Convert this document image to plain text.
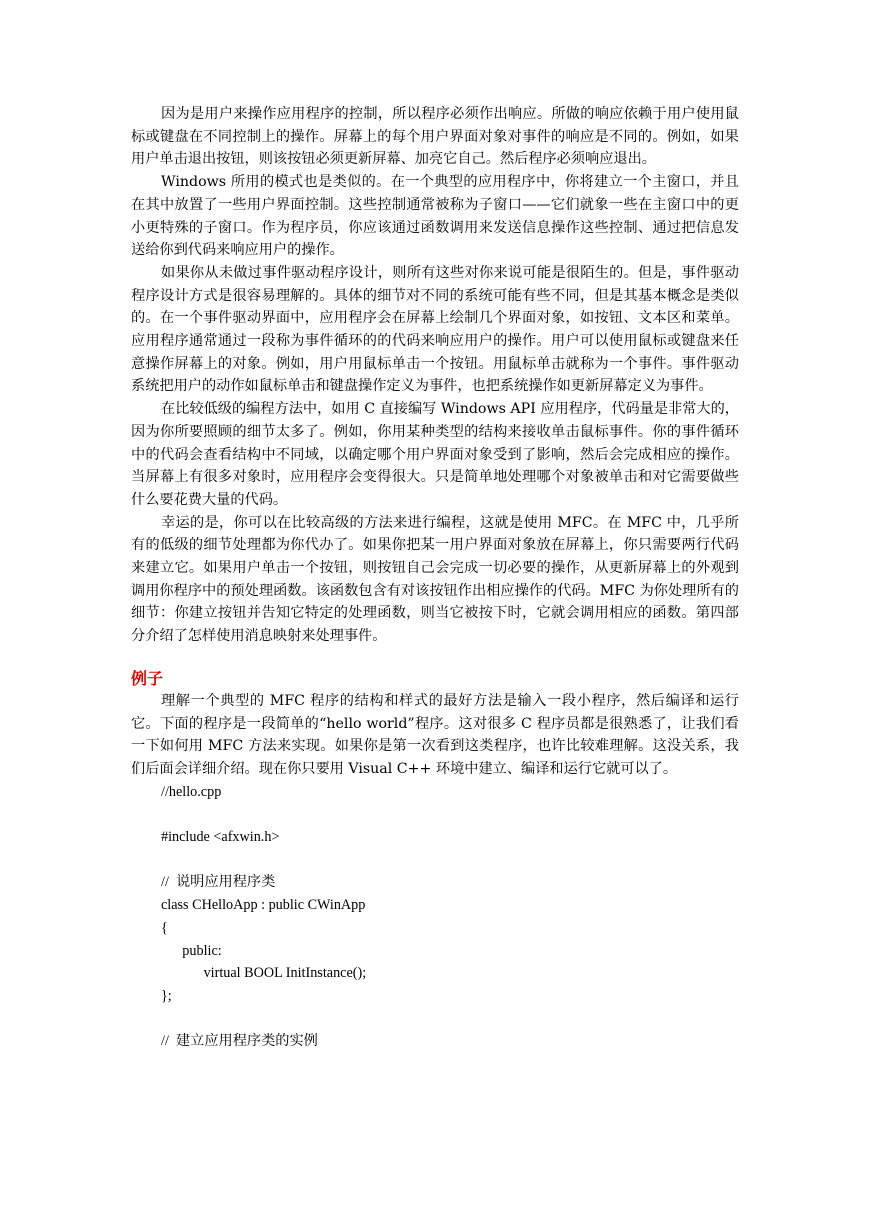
因为是用户来操作应用程序的控制，所以程序必须作出响应。所做的响应依赖于用户使用鼠标或键盘在不同控制上的操作。屏幕上的每个用户界面对象对事件的响应是不同的。例如，如果用户单击退出按钮，则该按钮必须更新屏幕、加亮它自己。然后程序必须响应退出。

Windows 所用的模式也是类似的。在一个典型的应用程序中，你将建立一个主窗口，并且在其中放置了一些用户界面控制。这些控制通常被称为子窗口——它们就象一些在主窗口中的更小更特殊的子窗口。作为程序员，你应该通过函数调用来发送信息操作这些控制、通过把信息发送给你到代码来响应用户的操作。

如果你从未做过事件驱动程序设计，则所有这些对你来说可能是很陌生的。但是，事件驱动程序设计方式是很容易理解的。具体的细节对不同的系统可能有些不同，但是其基本概念是类似的。在一个事件驱动界面中，应用程序会在屏幕上绘制几个界面对象，如按钮、文本区和菜单。应用程序通常通过一段称为事件循环的的代码来响应用户的操作。用户可以使用鼠标或键盘来任意操作屏幕上的对象。例如，用户用鼠标单击一个按钮。用鼠标单击就称为一个事件。事件驱动系统把用户的动作如鼠标单击和键盘操作定义为事件，也把系统操作如更新屏幕定义为事件。

在比较低级的编程方法中，如用 C 直接编写 Windows API 应用程序，代码量是非常大的，因为你所要照顾的细节太多了。例如，你用某种类型的结构来接收单击鼠标事件。你的事件循环中的代码会查看结构中不同域，以确定哪个用户界面对象受到了影响，然后会完成相应的操作。当屏幕上有很多对象时，应用程序会变得很大。只是简单地处理哪个对象被单击和对它需要做些什么要花费大量的代码。

幸运的是，你可以在比较高级的方法来进行编程，这就是使用 MFC。在 MFC 中，几乎所有的低级的细节处理都为你代办了。如果你把某一用户界面对象放在屏幕上，你只需要两行代码来建立它。如果用户单击一个按钮，则按钮自己会完成一切必要的操作，从更新屏幕上的外观到调用你程序中的预处理函数。该函数包含有对该按钮作出相应操作的代码。MFC 为你处理所有的细节：你建立按钮并告知它特定的处理函数，则当它被按下时，它就会调用相应的函数。第四部分介绍了怎样使用消息映射来处理事件。

例子

理解一个典型的 MFC 程序的结构和样式的最好方法是输入一段小程序，然后编译和运行它。下面的程序是一段简单的“hello world”程序。这对很多 C 程序员都是很熟悉了，让我们看一下如何用 MFC 方法来实现。如果你是第一次看到这类程序，也许比较难理解。这没关系，我们后面会详细介绍。现在你只要用 Visual C++ 环境中建立、编译和运行它就可以了。

//hello.cpp
#include <afxwin.h>
//  说明应用程序类
class CHelloApp : public CWinApp
{
public:
virtual BOOL InitInstance();
};
//  建立应用程序类的实例
